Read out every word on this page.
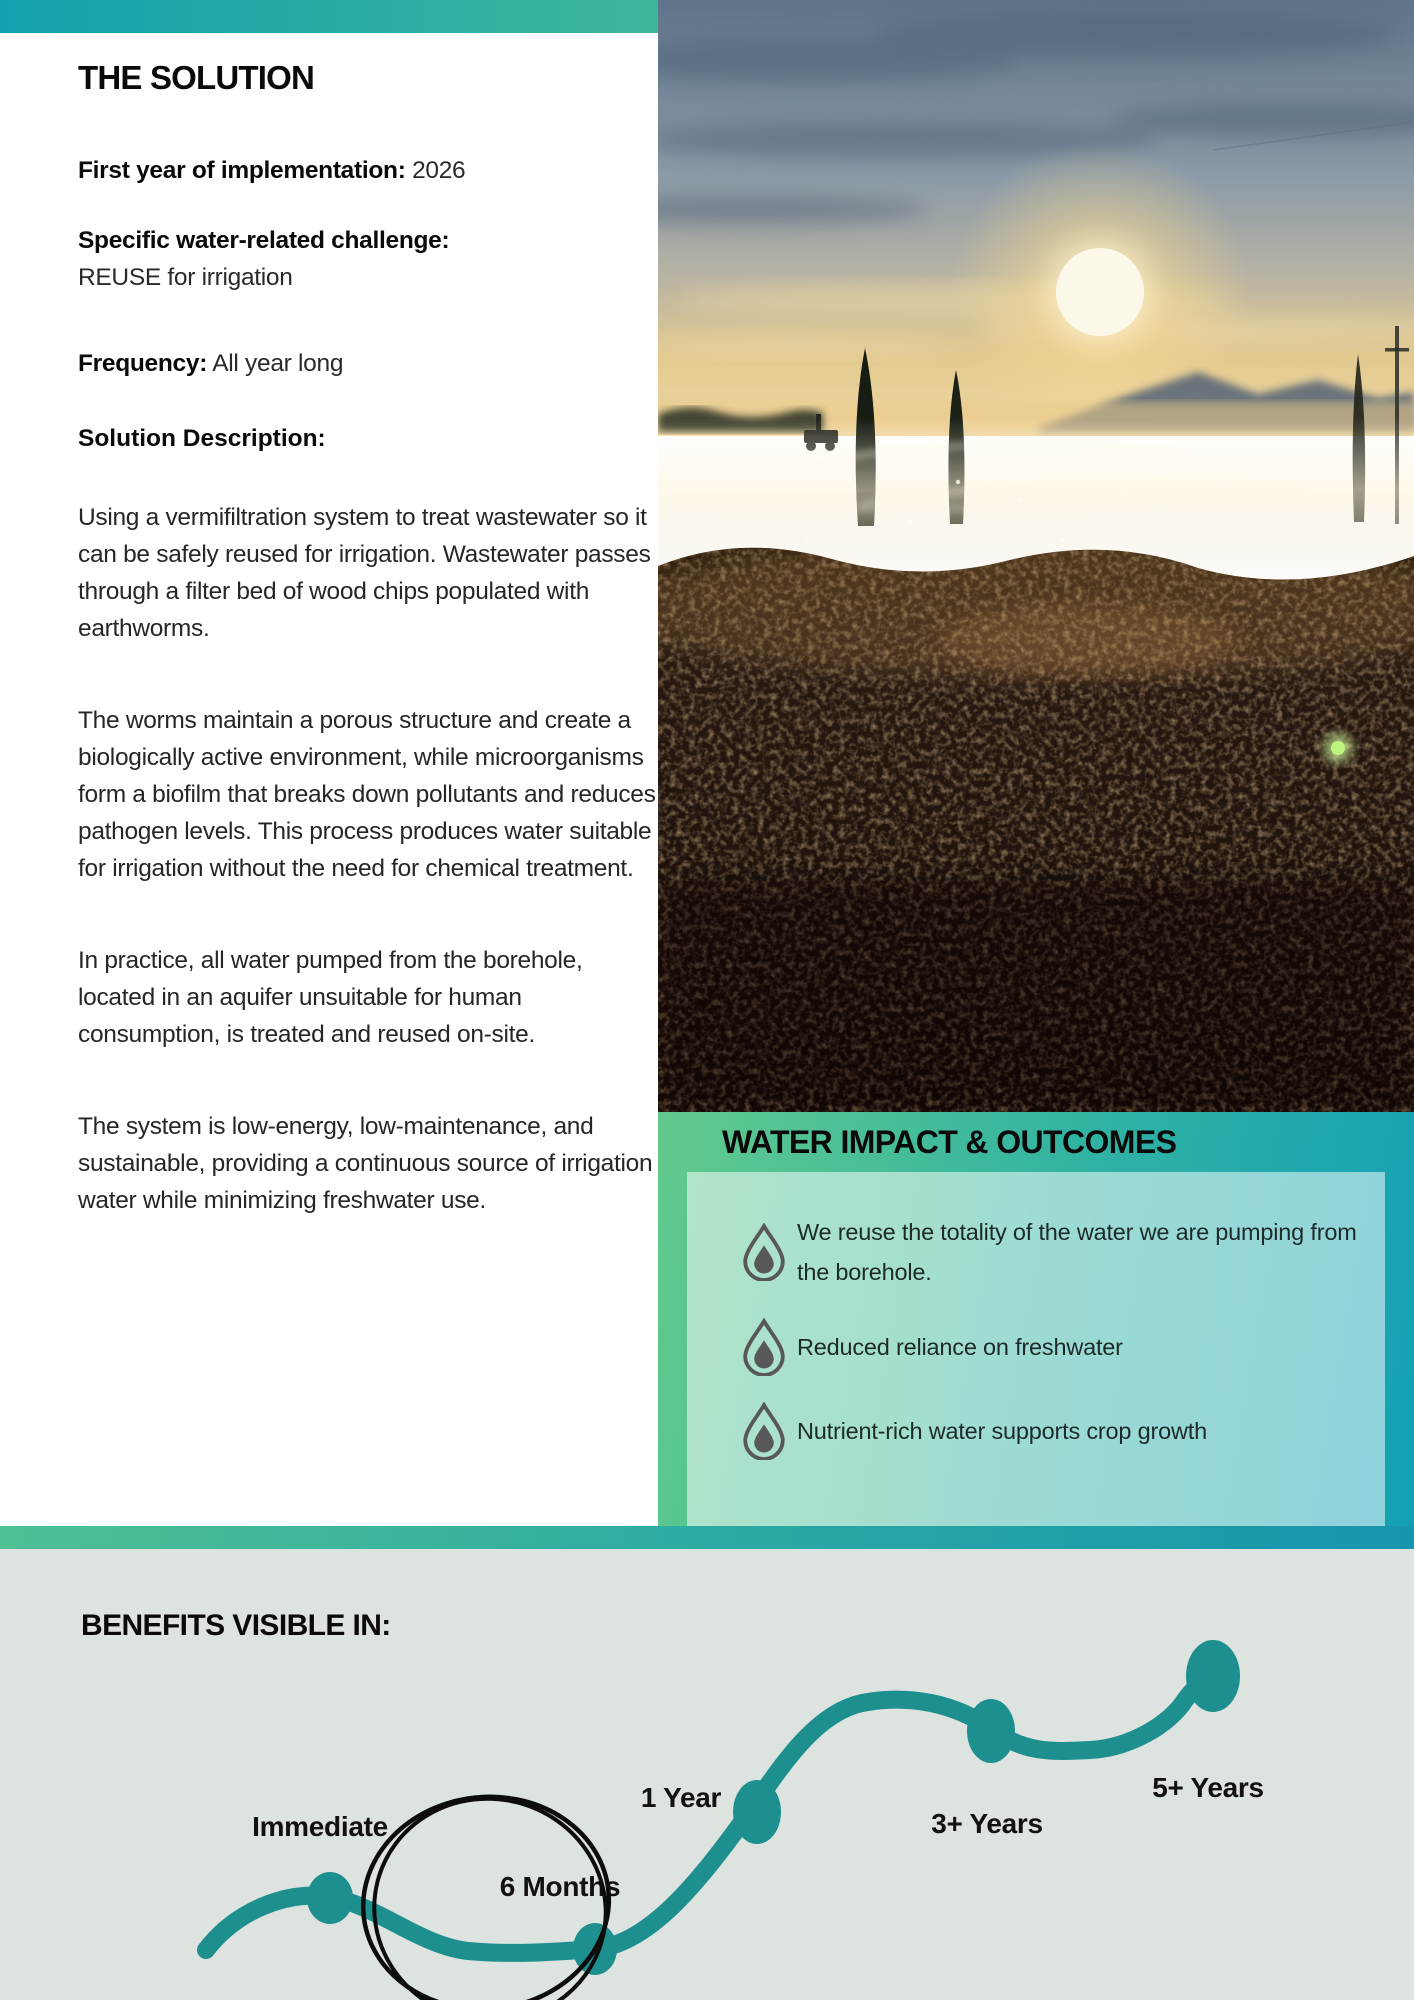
THE SOLUTION

First year of implementation: 2026

Specific water-related challenge:
REUSE for irrigation

Frequency: All year long

Solution Description:

Using a vermifiltration system to treat wastewater so it can be safely reused for irrigation. Wastewater passes through a filter bed of wood chips populated with earthworms.

The worms maintain a porous structure and create a biologically active environment, while microorganisms form a biofilm that breaks down pollutants and reduces pathogen levels. This process produces water suitable for irrigation without the need for chemical treatment.

In practice, all water pumped from the borehole, located in an aquifer unsuitable for human consumption, is treated and reused on-site.

The system is low-energy, low-maintenance, and sustainable, providing a continuous source of irrigation water while minimizing freshwater use.

WATER IMPACT & OUTCOMES

We reuse the totality of the water we are pumping from the borehole.

Reduced reliance on freshwater

Nutrient-rich water supports crop growth

BENEFITS VISIBLE IN:
Immediate
6 Months
1 Year
3+ Years
5+ Years
